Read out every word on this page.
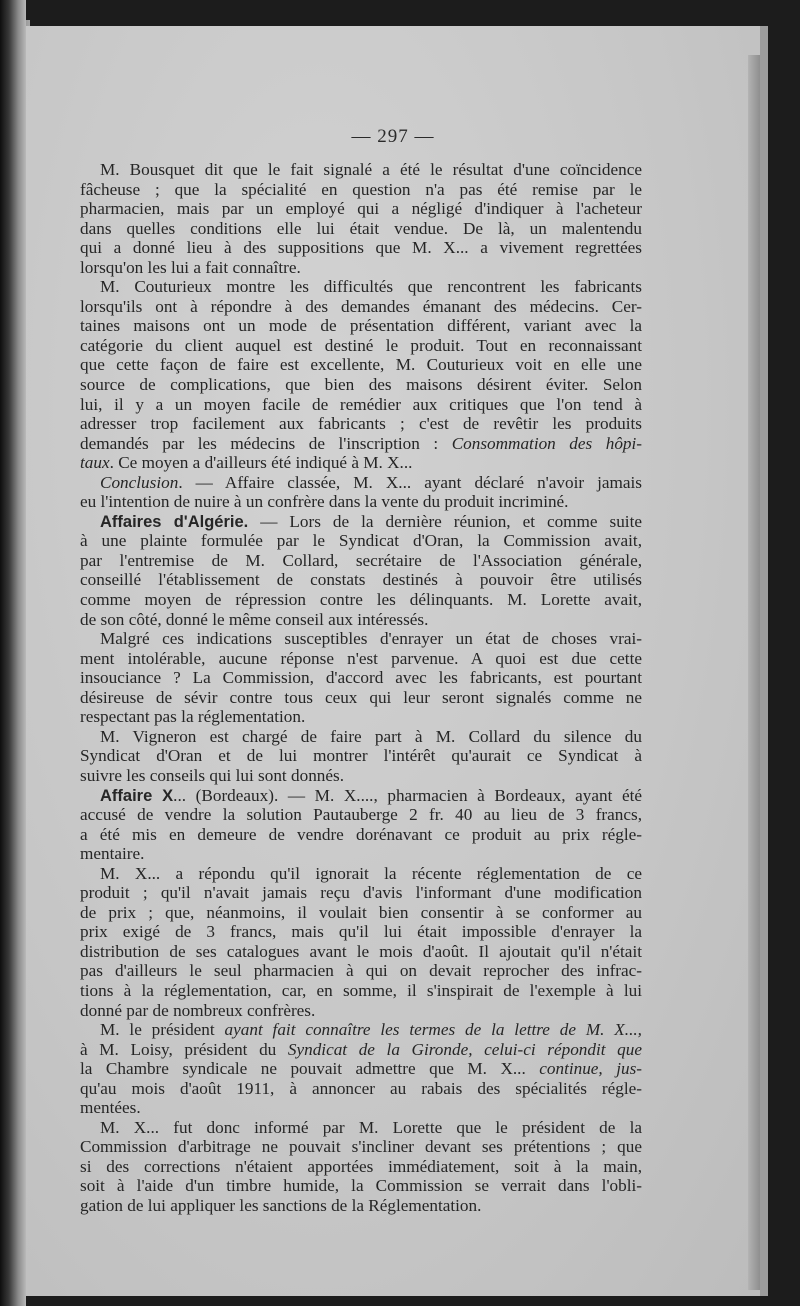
— 297 —
M. Bousquet dit que le fait signalé a été le résultat d'une coïncidence
fâcheuse ; que la spécialité en question n'a pas été remise par le
pharmacien, mais par un employé qui a négligé d'indiquer à l'acheteur
dans quelles conditions elle lui était vendue. De là, un malentendu
qui a donné lieu à des suppositions que M. X... a vivement regrettées
lorsqu'on les lui a fait connaître.
M. Couturieux montre les difficultés que rencontrent les fabricants
lorsqu'ils ont à répondre à des demandes émanant des médecins. Cer-
taines maisons ont un mode de présentation différent, variant avec la
catégorie du client auquel est destiné le produit. Tout en reconnaissant
que cette façon de faire est excellente, M. Couturieux voit en elle une
source de complications, que bien des maisons désirent éviter. Selon
lui, il y a un moyen facile de remédier aux critiques que l'on tend à
adresser trop facilement aux fabricants ; c'est de revêtir les produits
demandés par les médecins de l'inscription : Consommation des hôpi-
taux. Ce moyen a d'ailleurs été indiqué à M. X...
Conclusion. — Affaire classée, M. X... ayant déclaré n'avoir jamais
eu l'intention de nuire à un confrère dans la vente du produit incriminé.
Affaires d'Algérie. — Lors de la dernière réunion, et comme suite
à une plainte formulée par le Syndicat d'Oran, la Commission avait,
par l'entremise de M. Collard, secrétaire de l'Association générale,
conseillé l'établissement de constats destinés à pouvoir être utilisés
comme moyen de répression contre les délinquants. M. Lorette avait,
de son côté, donné le même conseil aux intéressés.
Malgré ces indications susceptibles d'enrayer un état de choses vrai-
ment intolérable, aucune réponse n'est parvenue. A quoi est due cette
insouciance ? La Commission, d'accord avec les fabricants, est pourtant
désireuse de sévir contre tous ceux qui leur seront signalés comme ne
respectant pas la réglementation.
M. Vigneron est chargé de faire part à M. Collard du silence du
Syndicat d'Oran et de lui montrer l'intérêt qu'aurait ce Syndicat à
suivre les conseils qui lui sont donnés.
Affaire X... (Bordeaux). — M. X...., pharmacien à Bordeaux, ayant été
accusé de vendre la solution Pautauberge 2 fr. 40 au lieu de 3 francs,
a été mis en demeure de vendre dorénavant ce produit au prix régle-
mentaire.
M. X... a répondu qu'il ignorait la récente réglementation de ce
produit ; qu'il n'avait jamais reçu d'avis l'informant d'une modification
de prix ; que, néanmoins, il voulait bien consentir à se conformer au
prix exigé de 3 francs, mais qu'il lui était impossible d'enrayer la
distribution de ses catalogues avant le mois d'août. Il ajoutait qu'il n'était
pas d'ailleurs le seul pharmacien à qui on devait reprocher des infrac-
tions à la réglementation, car, en somme, il s'inspirait de l'exemple à lui
donné par de nombreux confrères.
M. le président ayant fait connaître les termes de la lettre de M. X...,
à M. Loisy, président du Syndicat de la Gironde, celui-ci répondit que
la Chambre syndicale ne pouvait admettre que M. X... continue, jus-
qu'au mois d'août 1911, à annoncer au rabais des spécialités régle-
mentées.
M. X... fut donc informé par M. Lorette que le président de la
Commission d'arbitrage ne pouvait s'incliner devant ses prétentions ; que
si des corrections n'étaient apportées immédiatement, soit à la main,
soit à l'aide d'un timbre humide, la Commission se verrait dans l'obli-
gation de lui appliquer les sanctions de la Réglementation.
